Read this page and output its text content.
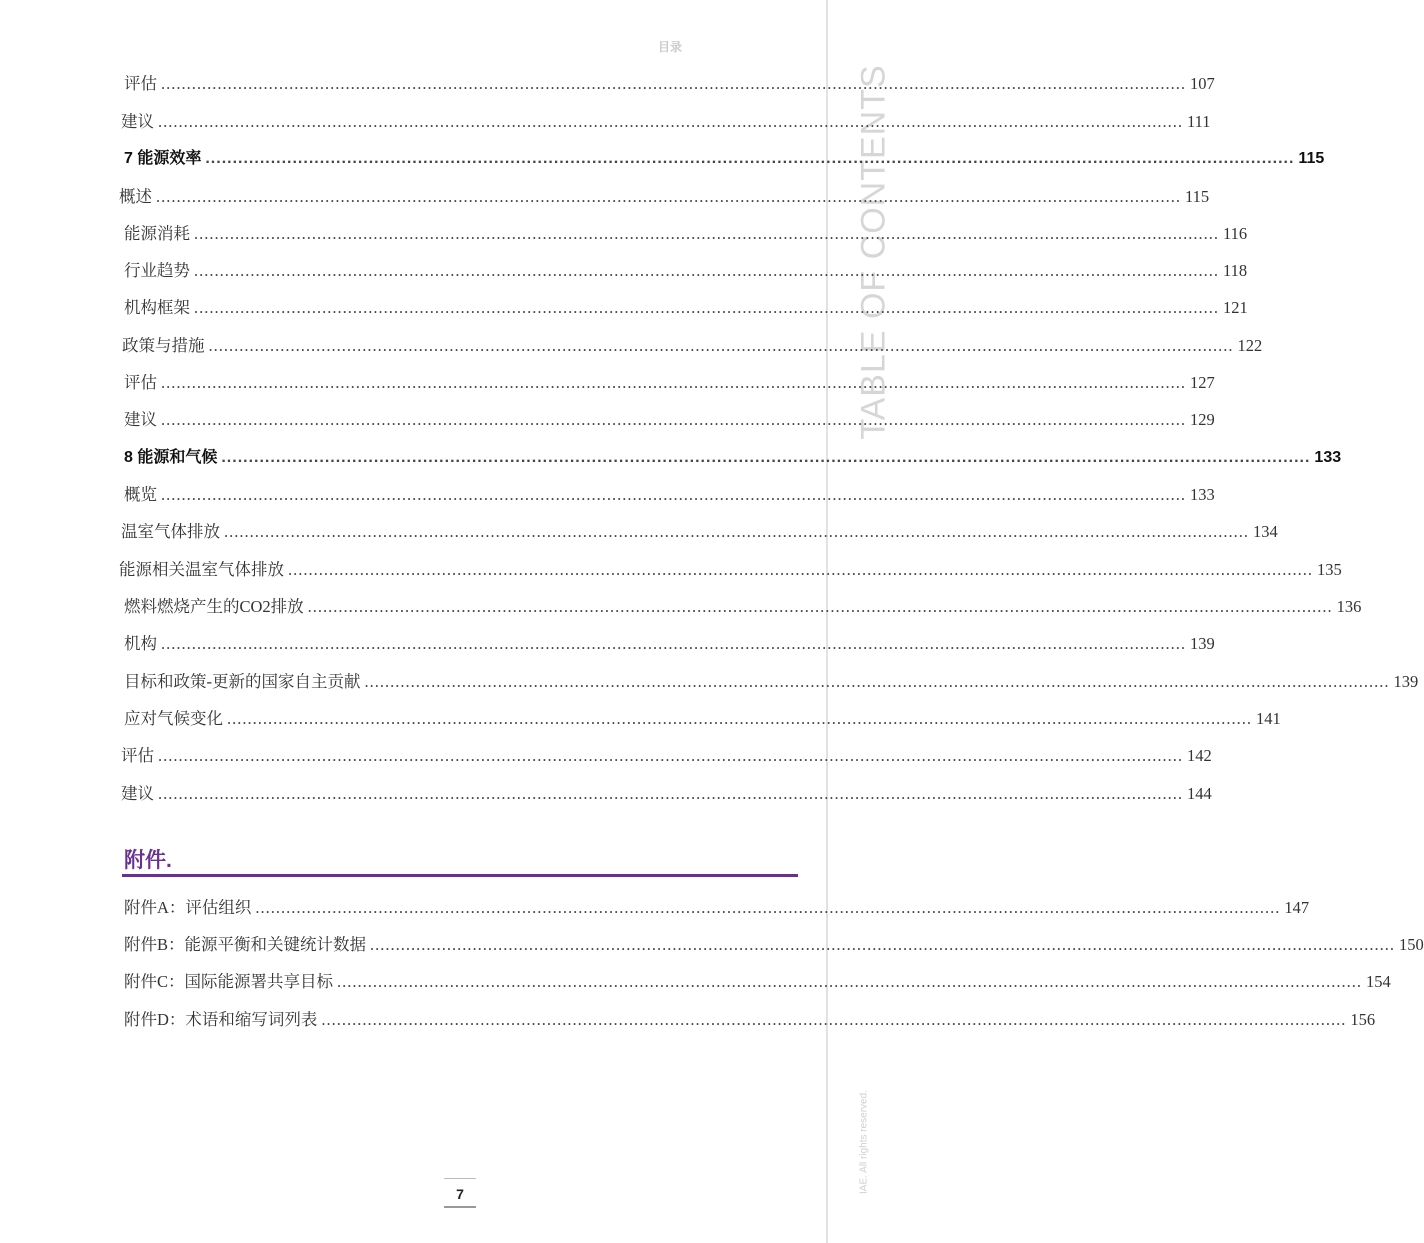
目录
TABLE OF CONTENTS
IAE. All rights reserved.
评估 ........................................................................................................................................................................................................ 107
建议 ........................................................................................................................................................................................................ 111
7 能源效率 ........................................................................................................................................................................................................ 115
概述 ........................................................................................................................................................................................................ 115
能源消耗 ........................................................................................................................................................................................................ 116
行业趋势 ........................................................................................................................................................................................................ 118
机构框架 ........................................................................................................................................................................................................ 121
政策与措施 ........................................................................................................................................................................................................ 122
评估 ........................................................................................................................................................................................................ 127
建议 ........................................................................................................................................................................................................ 129
8 能源和气候 ........................................................................................................................................................................................................ 133
概览 ........................................................................................................................................................................................................ 133
温室气体排放 ........................................................................................................................................................................................................ 134
能源相关温室气体排放 ........................................................................................................................................................................................................ 135
燃料燃烧产生的CO2排放 ........................................................................................................................................................................................................ 136
机构 ........................................................................................................................................................................................................ 139
目标和政策-更新的国家自主贡献 ........................................................................................................................................................................................................ 139
应对气候变化 ........................................................................................................................................................................................................ 141
评估 ........................................................................................................................................................................................................ 142
建议 ........................................................................................................................................................................................................ 144
附件.
附件A：评估组织 ........................................................................................................................................................................................................ 147
附件B：能源平衡和关键统计数据 ........................................................................................................................................................................................................ 150
附件C：国际能源署共享目标 ........................................................................................................................................................................................................ 154
附件D：术语和缩写词列表 ........................................................................................................................................................................................................ 156
7
